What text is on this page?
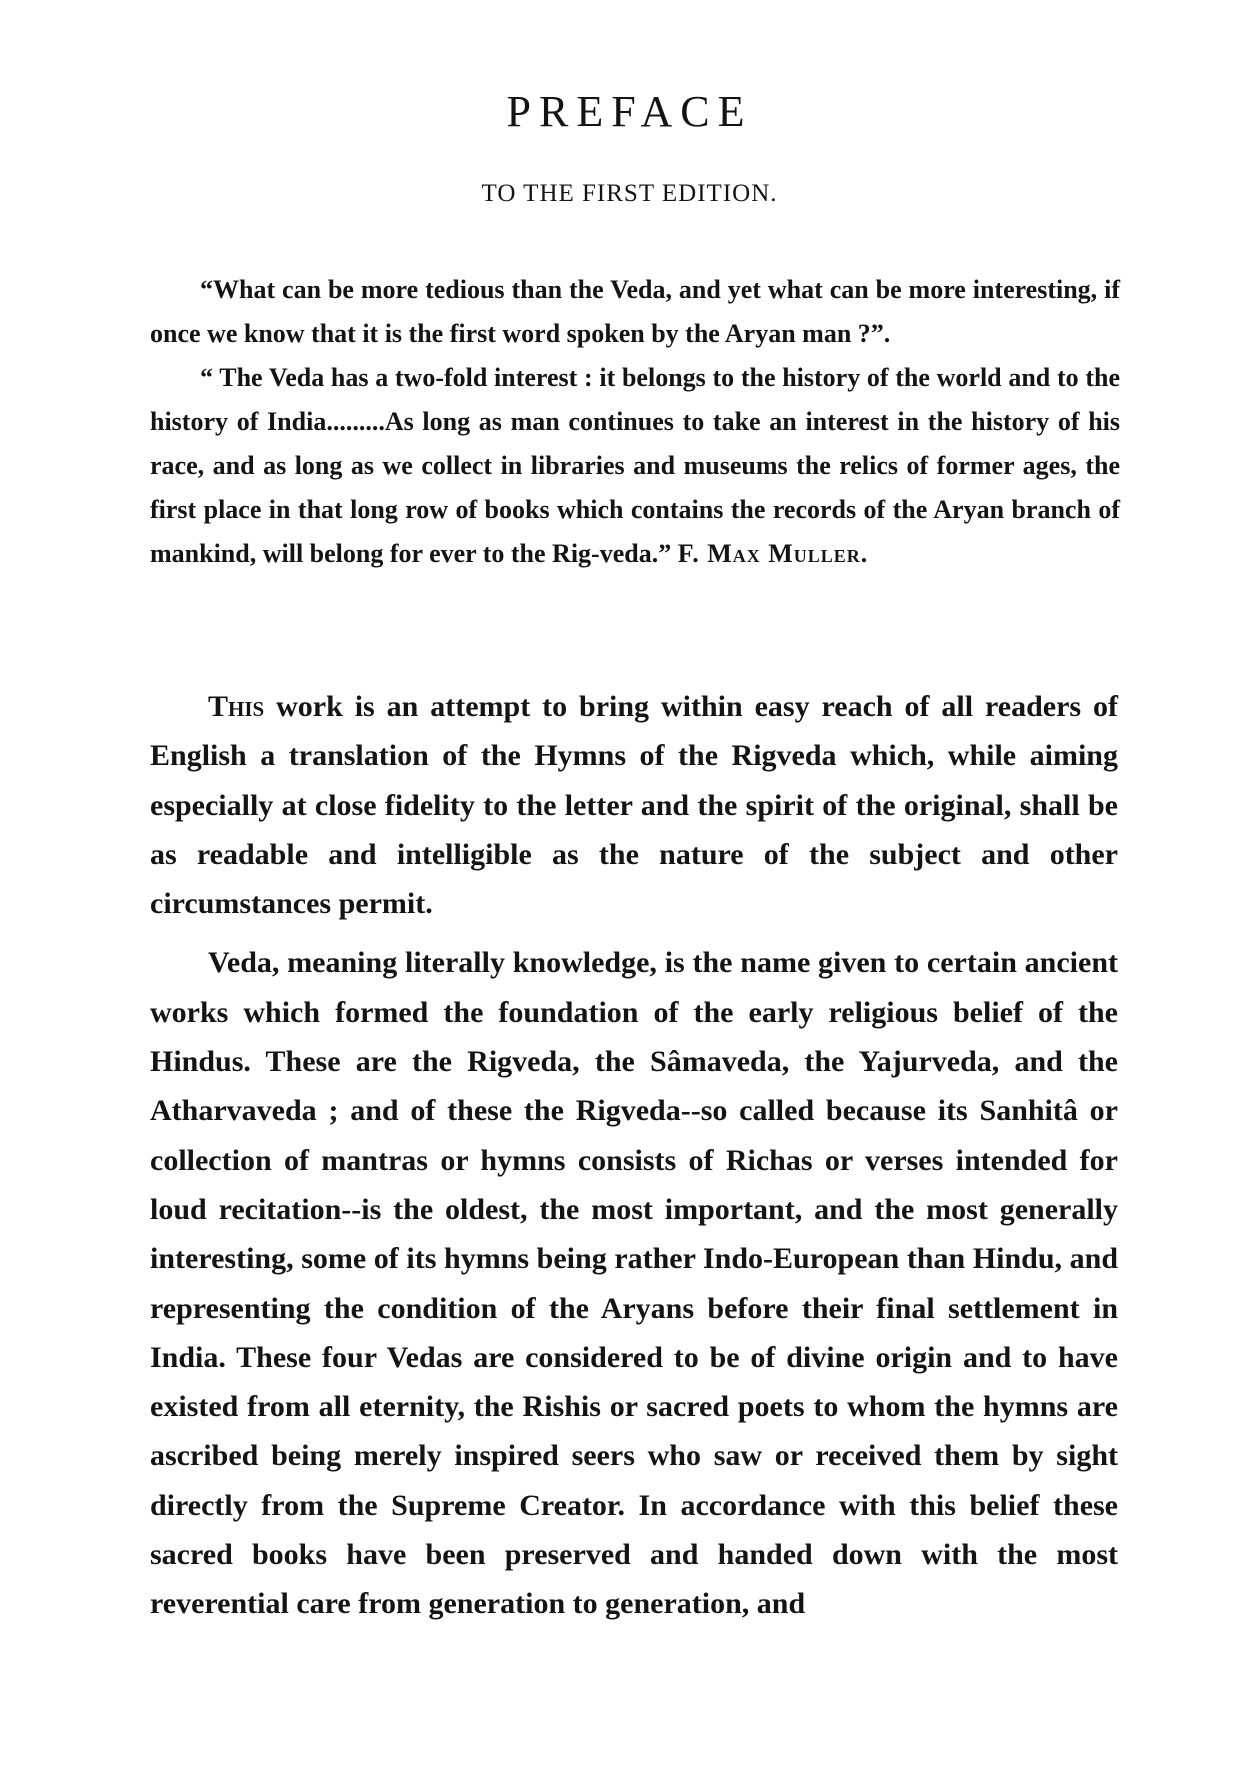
PREFACE
TO THE FIRST EDITION.

“What can be more tedious than the Veda, and yet what can be more interesting, if once we know that it is the first word spoken by the Aryan man ?”.

“ The Veda has a two-fold interest : it belongs to the history of the world and to the history of India.........As long as man continues to take an interest in the history of his race, and as long as we collect in libraries and museums the relics of former ages, the first place in that long row of books which contains the records of the Aryan branch of mankind, will belong for ever to the Rig-veda.” F. Max Muller.

This work is an attempt to bring within easy reach of all readers of English a translation of the Hymns of the Rigveda which, while aiming especially at close fidelity to the letter and the spirit of the original, shall be as readable and intelligible as the nature of the subject and other circumstances permit.

Veda, meaning literally knowledge, is the name given to certain ancient works which formed the foundation of the early religious belief of the Hindus. These are the Rigveda, the Sâmaveda, the Yajurveda, and the Atharvaveda ; and of these the Rigveda--so called because its Sanhitâ or collection of mantras or hymns consists of Richas or verses intended for loud recitation--is the oldest, the most important, and the most generally interesting, some of its hymns being rather Indo-European than Hindu, and representing the condition of the Aryans before their final settlement in India. These four Vedas are considered to be of divine origin and to have existed from all eternity, the Rishis or sacred poets to whom the hymns are ascribed being merely inspired seers who saw or received them by sight directly from the Supreme Creator. In accordance with this belief these sacred books have been preserved and handed down with the most reverential care from generation to generation, and
